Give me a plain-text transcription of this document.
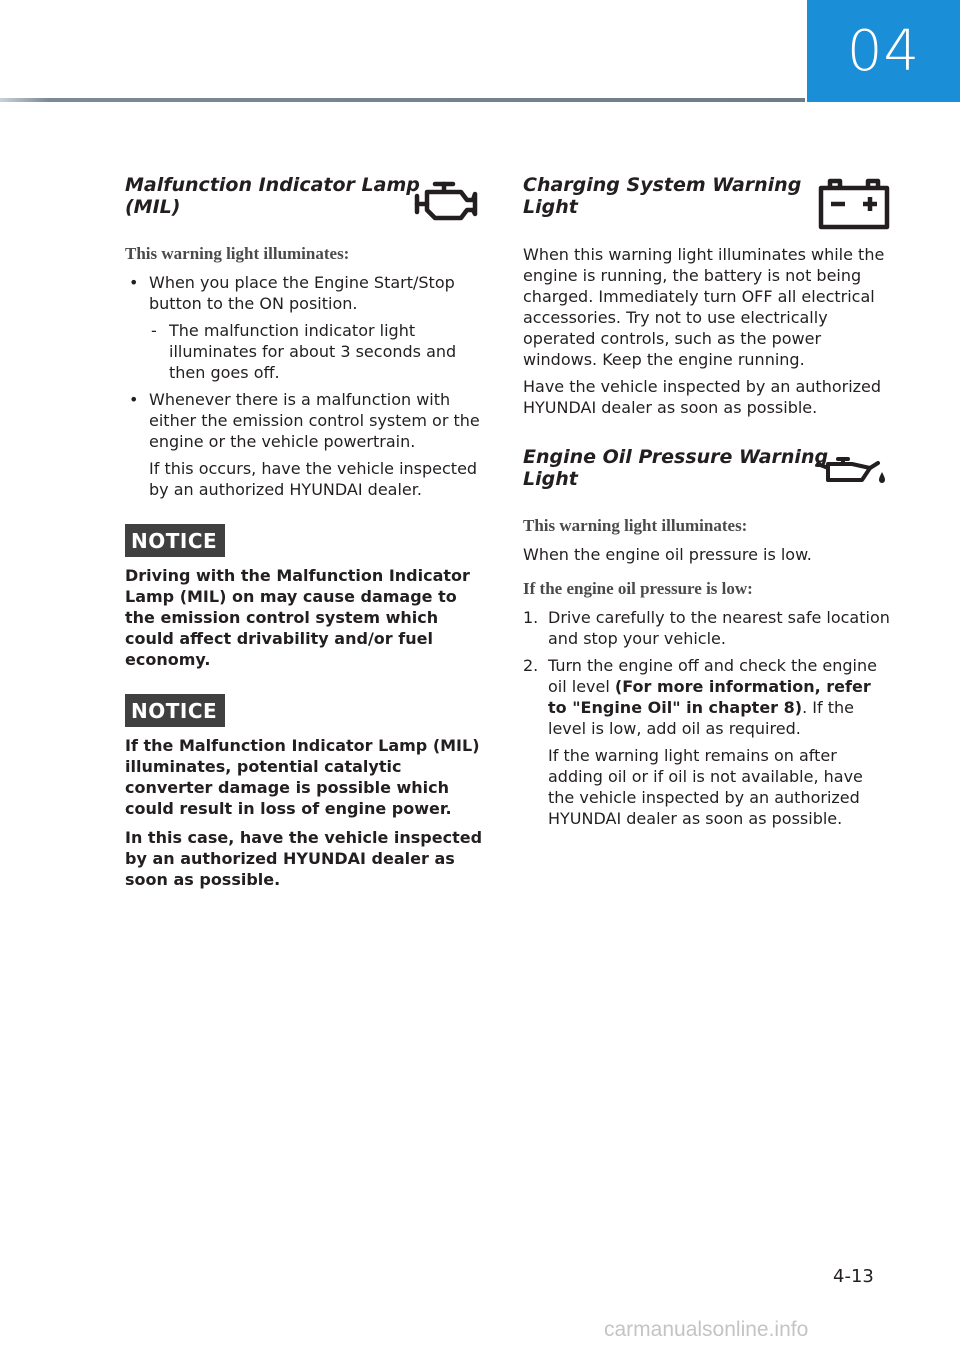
04
Malfunction Indicator Lamp
(MIL)

This warning light illuminates:

• When you place the Engine Start/Stop button to the ON position.
- The malfunction indicator light illuminates for about 3 seconds and then goes off.
• Whenever there is a malfunction with either the emission control system or the engine or the vehicle powertrain.
If this occurs, have the vehicle inspected by an authorized HYUNDAI dealer.
NOTICE

Driving with the Malfunction Indicator Lamp (MIL) on may cause damage to the emission control system which could affect drivability and/or fuel economy.

NOTICE

If the Malfunction Indicator Lamp (MIL) illuminates, potential catalytic converter damage is possible which could result in loss of engine power.

In this case, have the vehicle inspected by an authorized HYUNDAI dealer as soon as possible.

Charging System Warning
Light

When this warning light illuminates while the engine is running, the battery is not being charged. Immediately turn OFF all electrical accessories. Try not to use electrically operated controls, such as the power windows. Keep the engine running.

Have the vehicle inspected by an authorized HYUNDAI dealer as soon as possible.

Engine Oil Pressure Warning
Light

This warning light illuminates:

When the engine oil pressure is low.

If the engine oil pressure is low:

1. Drive carefully to the nearest safe location and stop your vehicle.
2. Turn the engine off and check the engine oil level (For more information, refer to "Engine Oil" in chapter 8). If the level is low, add oil as required.
If the warning light remains on after adding oil or if oil is not available, have the vehicle inspected by an authorized HYUNDAI dealer as soon as possible.
4-13
carmanualsonline.info
